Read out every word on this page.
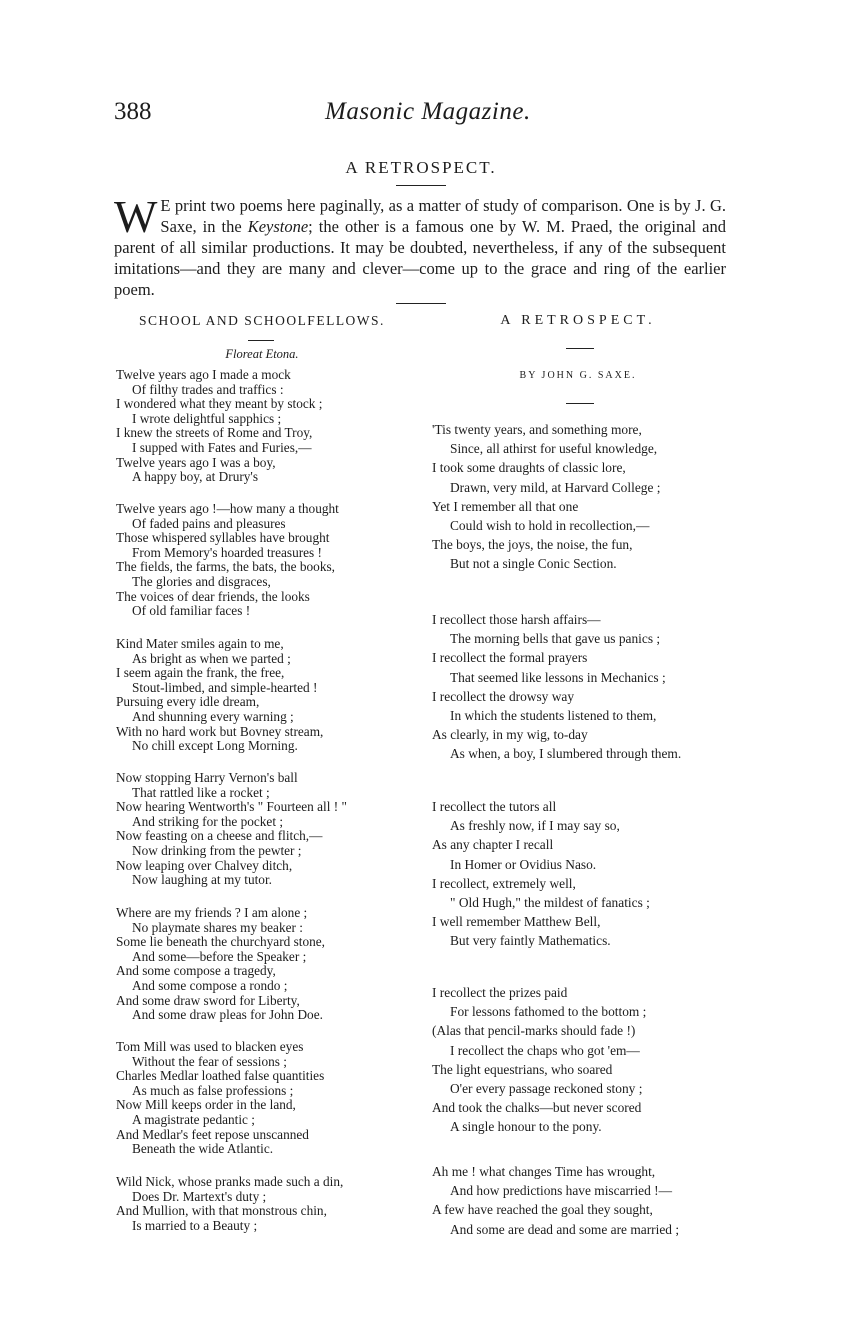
388	Masonic Magazine.
A RETROSPECT.
W E print two poems here paginally, as a matter of study of comparison. One is by J. G. Saxe, in the Keystone; the other is a famous one by W. M. Praed, the original and parent of all similar productions. It may be doubted, nevertheless, if any of the subsequent imitations—and they are many and clever—come up to the grace and ring of the earlier poem.
SCHOOL AND SCHOOLFELLOWS.
Floreat Etona.
Twelve years ago I made a mock
Of filthy trades and traffics :
I wondered what they meant by stock ;
I wrote delightful sapphics ;
I knew the streets of Rome and Troy,
I supped with Fates and Furies,—
Twelve years ago I was a boy,
A happy boy, at Drury's
Twelve years ago !—how many a thought
Of faded pains and pleasures
Those whispered syllables have brought
From Memory's hoarded treasures !
The fields, the farms, the bats, the books,
The glories and disgraces,
The voices of dear friends, the looks
Of old familiar faces !
Kind Mater smiles again to me,
As bright as when we parted ;
I seem again the frank, the free,
Stout-limbed, and simple-hearted !
Pursuing every idle dream,
And shunning every warning ;
With no hard work but Bovney stream,
No chill except Long Morning.
Now stopping Harry Vernon's ball
That rattled like a rocket ;
Now hearing Wentworth's " Fourteen all ! "
And striking for the pocket ;
Now feasting on a cheese and flitch,—
Now drinking from the pewter ;
Now leaping over Chalvey ditch,
Now laughing at my tutor.
Where are my friends ? I am alone ;
No playmate shares my beaker :
Some lie beneath the churchyard stone,
And some—before the Speaker ;
And some compose a tragedy,
And some compose a rondo ;
And some draw sword for Liberty,
And some draw pleas for John Doe.
Tom Mill was used to blacken eyes
Without the fear of sessions ;
Charles Medlar loathed false quantities
As much as false professions ;
Now Mill keeps order in the land,
A magistrate pedantic ;
And Medlar's feet repose unscanned
Beneath the wide Atlantic.
Wild Nick, whose pranks made such a din,
Does Dr. Martext's duty ;
And Mullion, with that monstrous chin,
Is married to a Beauty ;
A RETROSPECT.
BY JOHN G. SAXE.
'Tis twenty years, and something more,
Since, all athirst for useful knowledge,
I took some draughts of classic lore,
Drawn, very mild, at Harvard College ;
Yet I remember all that one
Could wish to hold in recollection,—
The boys, the joys, the noise, the fun,
But not a single Conic Section.
I recollect those harsh affairs—
The morning bells that gave us panics ;
I recollect the formal prayers
That seemed like lessons in Mechanics ;
I recollect the drowsy way
In which the students listened to them,
As clearly, in my wig, to-day
As when, a boy, I slumbered through them.
I recollect the tutors all
As freshly now, if I may say so,
As any chapter I recall
In Homer or Ovidius Naso.
I recollect, extremely well,
" Old Hugh," the mildest of fanatics ;
I well remember Matthew Bell,
But very faintly Mathematics.
I recollect the prizes paid
For lessons fathomed to the bottom ;
(Alas that pencil-marks should fade !)
I recollect the chaps who got 'em—
The light equestrians, who soared
O'er every passage reckoned stony ;
And took the chalks—but never scored
A single honour to the pony.
Ah me ! what changes Time has wrought,
And how predictions have miscarried !—
A few have reached the goal they sought,
And some are dead and some are married ;
